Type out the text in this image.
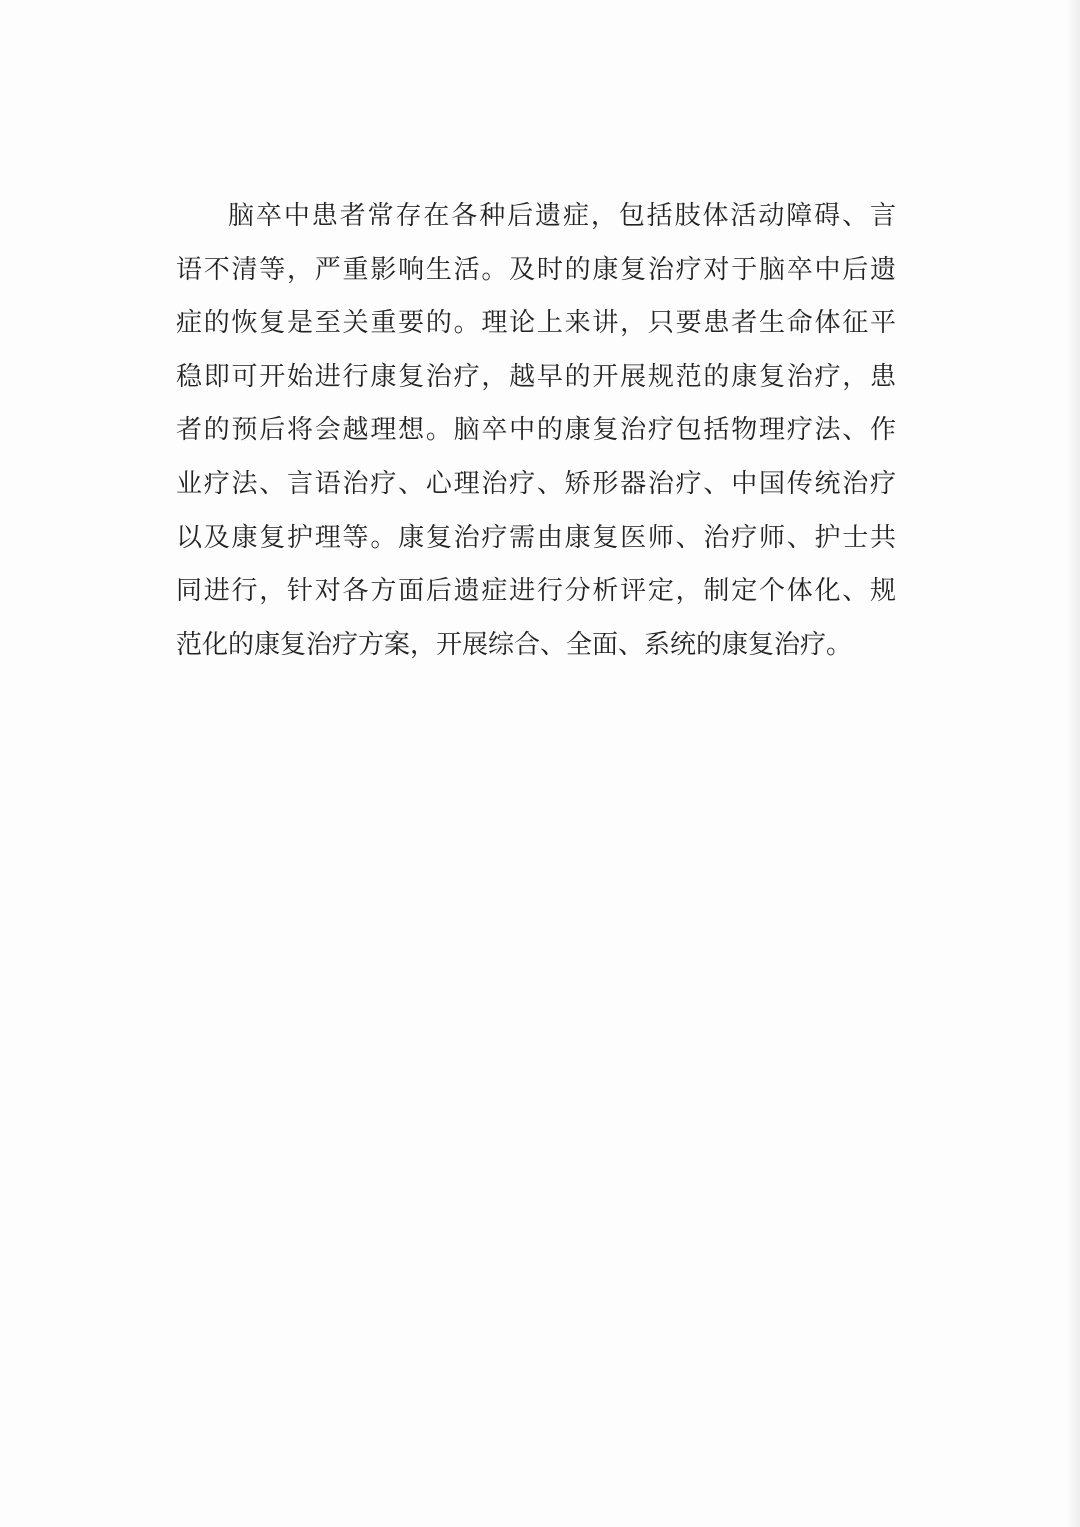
脑卒中患者常存在各种后遗症，包括肢体活动障碍、言
语不清等，严重影响生活。及时的康复治疗对于脑卒中后遗
症的恢复是至关重要的。理论上来讲，只要患者生命体征平
稳即可开始进行康复治疗，越早的开展规范的康复治疗，患
者的预后将会越理想。脑卒中的康复治疗包括物理疗法、作
业疗法、言语治疗、心理治疗、矫形器治疗、中国传统治疗
以及康复护理等。康复治疗需由康复医师、治疗师、护士共
同进行，针对各方面后遗症进行分析评定，制定个体化、规
范化的康复治疗方案，开展综合、全面、系统的康复治疗。
